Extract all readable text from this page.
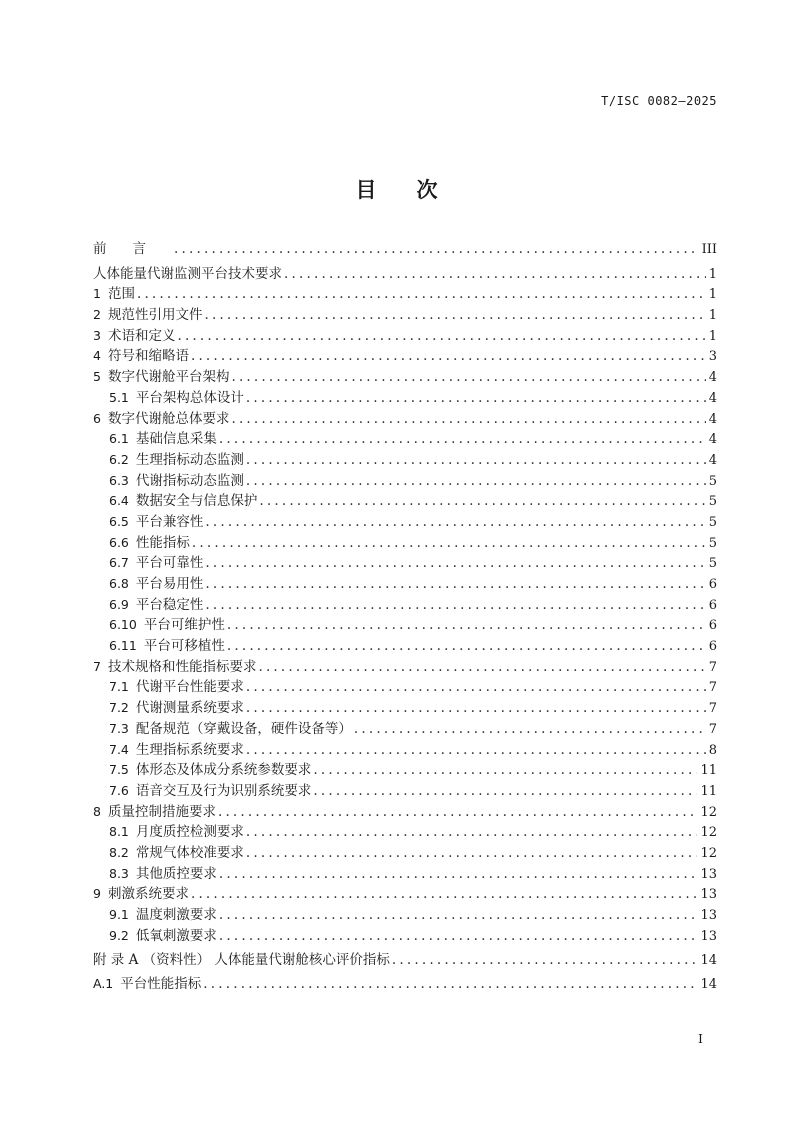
T/ISC 0082—2025
目 次
前言 .....	III
人体能量代谢监测平台技术要求 .....	1
1 范围 .....	1
2 规范性引用文件 .....	1
3 术语和定义 .....	1
4 符号和缩略语 .....	3
5 数字代谢舱平台架构 .....	4
5.1 平台架构总体设计 .....	4
6 数字代谢舱总体要求 .....	4
6.1 基础信息采集 .....	4
6.2 生理指标动态监测 .....	4
6.3 代谢指标动态监测 .....	5
6.4 数据安全与信息保护 .....	5
6.5 平台兼容性 .....	5
6.6 性能指标 .....	5
6.7 平台可靠性 .....	5
6.8 平台易用性 .....	6
6.9 平台稳定性 .....	6
6.10 平台可维护性 .....	6
6.11 平台可移植性 .....	6
7 技术规格和性能指标要求 .....	7
7.1 代谢平台性能要求 .....	7
7.2 代谢测量系统要求 .....	7
7.3 配备规范（穿戴设备，硬件设备等） .....	7
7.4 生理指标系统要求 .....	8
7.5 体形态及体成分系统参数要求 .....	11
7.6 语音交互及行为识别系统要求 .....	11
8 质量控制措施要求 .....	12
8.1 月度质控检测要求 .....	12
8.2 常规气体校准要求 .....	12
8.3 其他质控要求 .....	13
9 刺激系统要求 .....	13
9.1 温度刺激要求 .....	13
9.2 低氧刺激要求 .....	13
附 录 A （资料性） 人体能量代谢舱核心评价指标 .....	14
A.1 平台性能指标 .....	14
I
